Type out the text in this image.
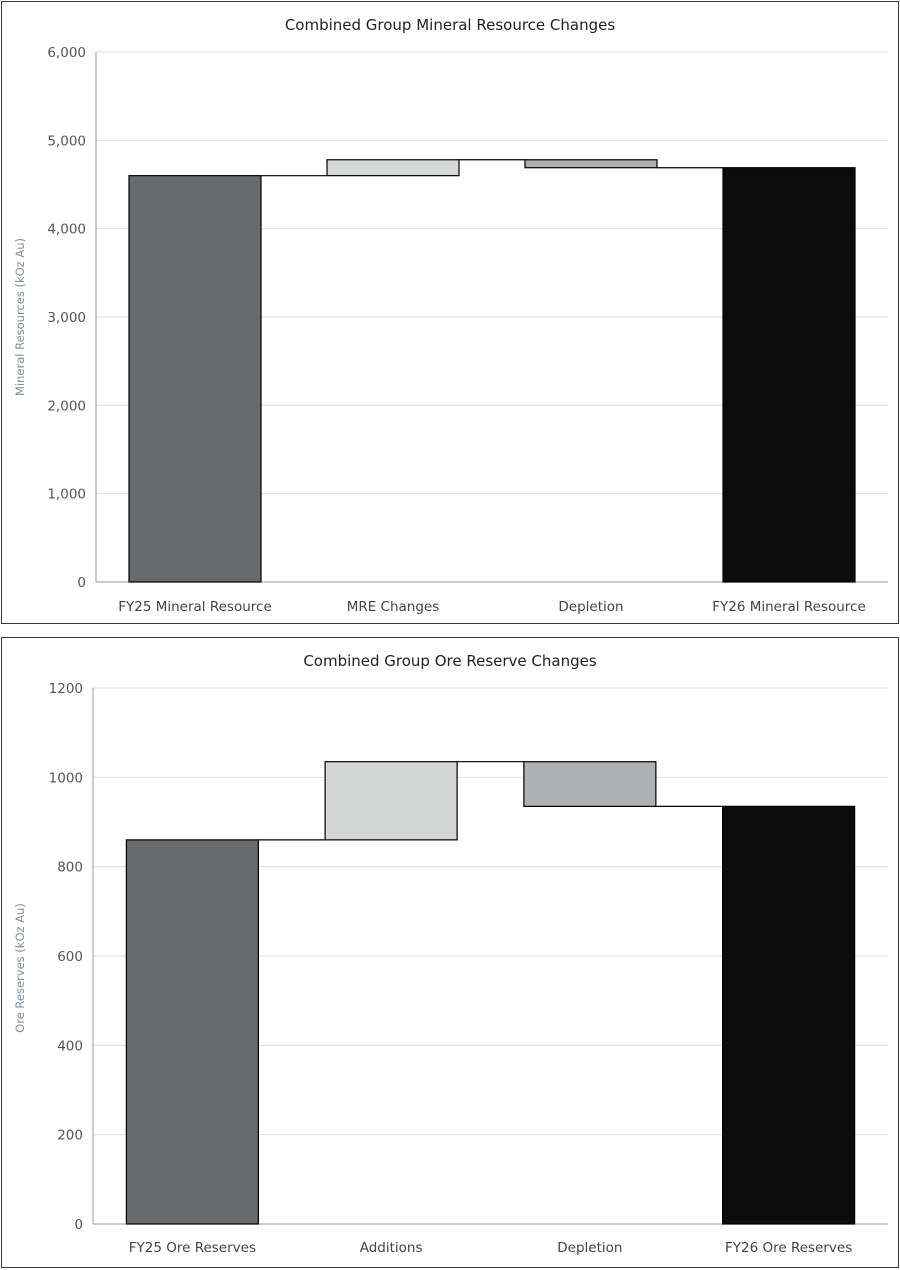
Combined Group Mineral Resource Changes
Mineral Resources (kOz Au)
0
1,000
2,000
3,000
4,000
5,000
6,000
FY25 Mineral Resource	MRE Changes	Depletion	FY26 Mineral Resource
Combined Group Ore Reserve Changes
Ore Reserves (kOz Au)
0
200
400
600
800
1000
1200
FY25 Ore Reserves	Additions	Depletion	FY26 Ore Reserves
